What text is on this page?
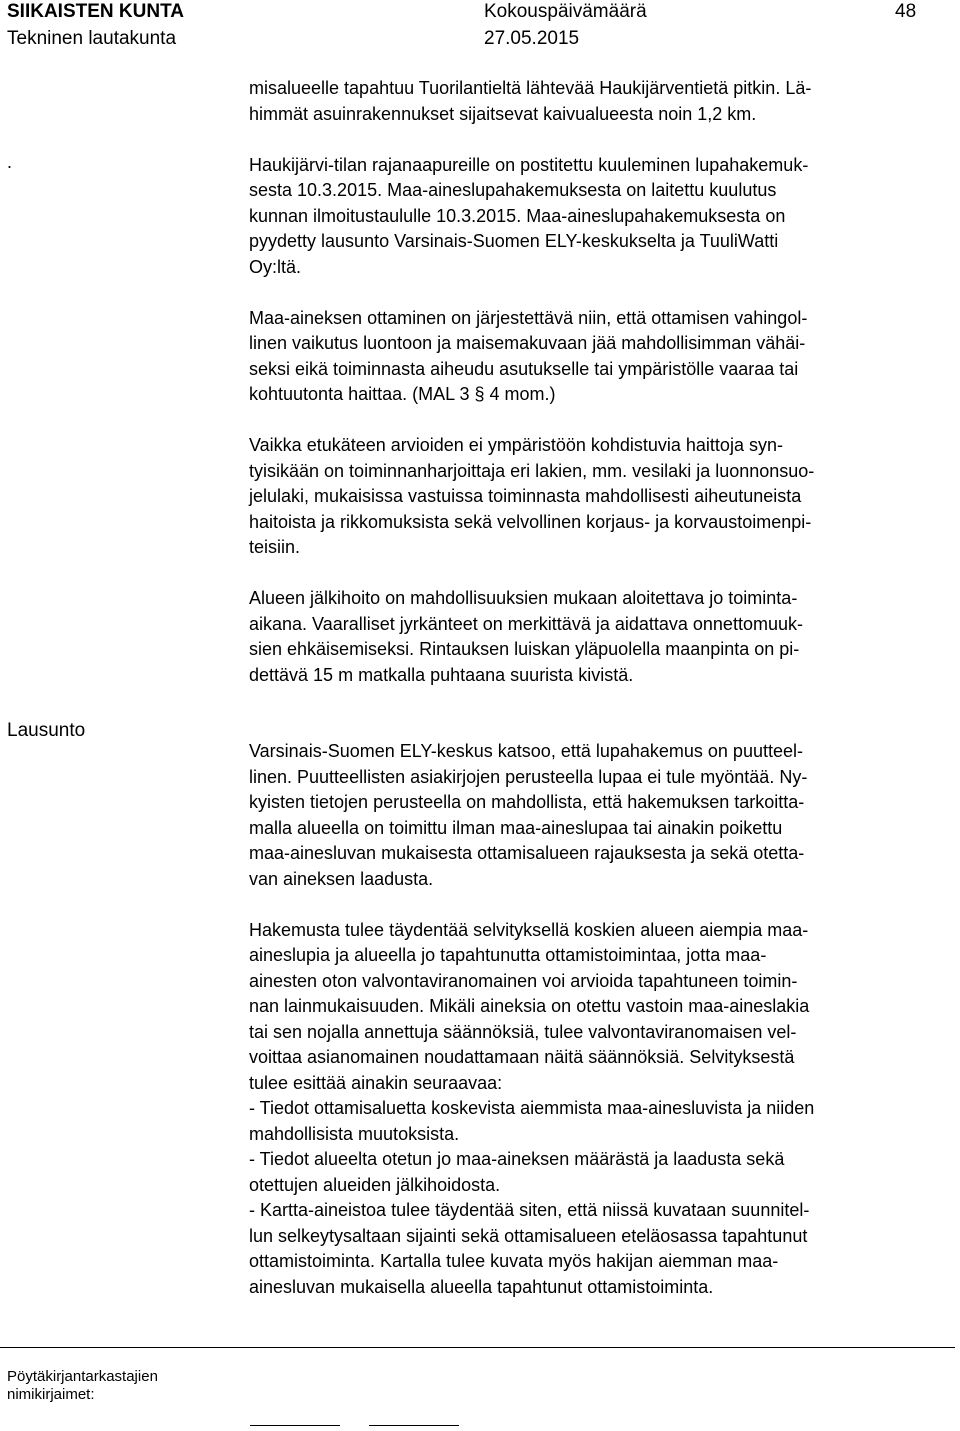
SIIKAISTEN KUNTA
Tekninen lautakunta
Kokouspäivämäärä
27.05.2015
48
.
Lausunto

misalueelle tapahtuu Tuorilantieltä lähtevää Haukijärventietä pitkin. Lä-
himmät asuinrakennukset sijaitsevat kaivualueesta noin 1,2 km.

Haukijärvi-tilan rajanaapureille on postitettu kuuleminen lupahakemuk-
sesta 10.3.2015. Maa-aineslupahakemuksesta on laitettu kuulutus
kunnan ilmoitustaululle 10.3.2015. Maa-aineslupahakemuksesta on
pyydetty lausunto Varsinais-Suomen ELY-keskukselta ja TuuliWatti
Oy:ltä.

Maa-aineksen ottaminen on järjestettävä niin, että ottamisen vahingol-
linen vaikutus luontoon ja maisemakuvaan jää mahdollisimman vähäi-
seksi eikä toiminnasta aiheudu asutukselle tai ympäristölle vaaraa tai
kohtuutonta haittaa. (MAL 3 § 4 mom.)

Vaikka etukäteen arvioiden ei ympäristöön kohdistuvia haittoja syn-
tyisikään on toiminnanharjoittaja eri lakien, mm. vesilaki ja luonnonsuo-
jelulaki, mukaisissa vastuissa toiminnasta mahdollisesti aiheutuneista
haitoista ja rikkomuksista sekä velvollinen korjaus- ja korvaustoimenpi-
teisiin.

Alueen jälkihoito on mahdollisuuksien mukaan aloitettava jo toiminta-
aikana. Vaaralliset jyrkänteet on merkittävä ja aidattava onnettomuuk-
sien ehkäisemiseksi. Rintauksen luiskan yläpuolella maanpinta on pi-
dettävä 15 m matkalla puhtaana suurista kivistä.

Varsinais-Suomen ELY-keskus katsoo, että lupahakemus on puutteel-
linen. Puutteellisten asiakirjojen perusteella lupaa ei tule myöntää. Ny-
kyisten tietojen perusteella on mahdollista, että hakemuksen tarkoitta-
malla alueella on toimittu ilman maa-aineslupaa tai ainakin poikettu
maa-ainesluvan mukaisesta ottamisalueen rajauksesta ja sekä otetta-
van aineksen laadusta.

Hakemusta tulee täydentää selvityksellä koskien alueen aiempia maa-
aineslupia ja alueella jo tapahtunutta ottamistoimintaa, jotta maa-
ainesten oton valvontaviranomainen voi arvioida tapahtuneen toimin-
nan lainmukaisuuden. Mikäli aineksia on otettu vastoin maa-aineslakia
tai sen nojalla annettuja säännöksiä, tulee valvontaviranomaisen vel-
voittaa asianomainen noudattamaan näitä säännöksiä. Selvityksestä
tulee esittää ainakin seuraavaa:
- Tiedot ottamisaluetta koskevista aiemmista maa-ainesluvista ja niiden
mahdollisista muutoksista.
- Tiedot alueelta otetun jo maa-aineksen määrästä ja laadusta sekä
otettujen alueiden jälkihoidosta.
- Kartta-aineistoa tulee täydentää siten, että niissä kuvataan suunnitel-
lun selkeytysaltaan sijainti sekä ottamisalueen eteläosassa tapahtunut
ottamistoiminta. Kartalla tulee kuvata myös hakijan aiemman maa-
ainesluvan mukaisella alueella tapahtunut ottamistoiminta.

Pöytäkirjantarkastajien
nimikirjaimet:
